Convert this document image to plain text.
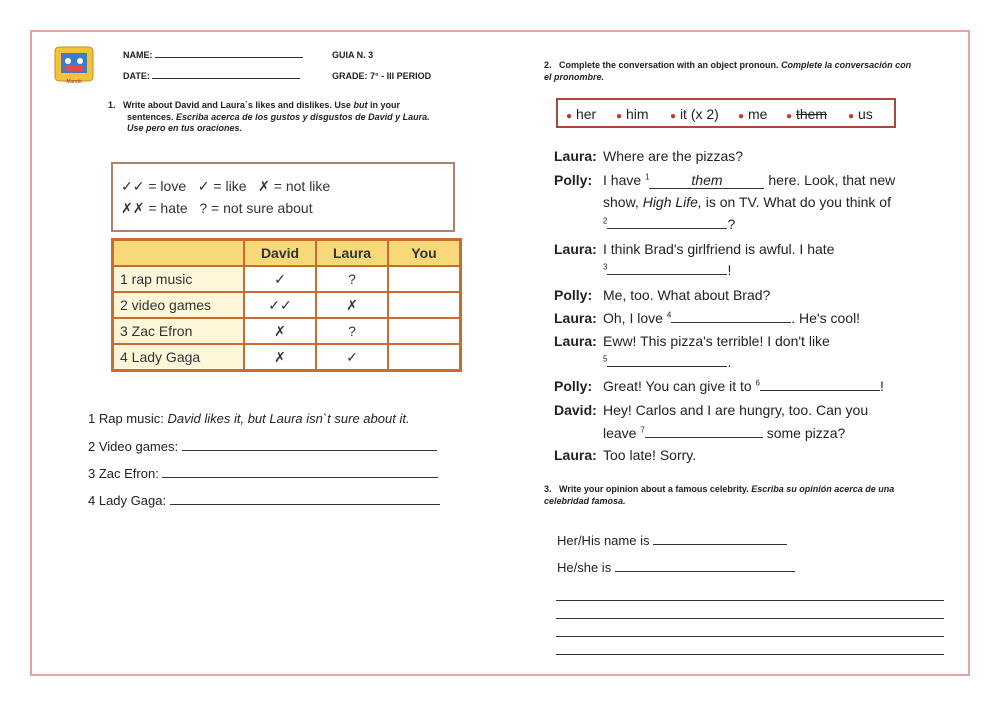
Mundo
NAME:
DATE:
GUIA N. 3
GRADE: 7° - III PERIOD
1. Write about David and Laura`s likes and dislikes. Use but in your
sentences. Escriba acerca de los gustos y disgustos de David y Laura.
Use pero en tus oraciones.
✓✓ = love ✓ = like ✗ = not like
✗✗ = hate ? = not sure about
	David	Laura	You
1 rap music	✓	?	
2 video games	✓✓	✗	
3 Zac Efron	✗	?	
4 Lady Gaga	✗	✓	
1 Rap music: David likes it, but Laura isn`t sure about it.
2 Video games:
3 Zac Efron:
4 Lady Gaga:
2. Complete the conversation with an object pronoun. Complete la conversación con el pronombre.
● her ● him ● it (x 2) ● me ● them ● us
Laura: Where are the pizzas?
Polly: I have $^1$	them	here. Look, that new
show, High Life, is on TV. What do you think of
$^2$	?
Laura: I think Brad's girlfriend is awful. I hate
$^3$	!
Polly: Me, too. What about Brad?
Laura: Oh, I love $^4$	. He's cool!
Laura: Eww! This pizza's terrible! I don't like
$^5$	.
Polly: Great! You can give it to $^6$	!
David: Hey! Carlos and I are hungry, too. Can you
leave $^7$	some pizza?
Laura: Too late! Sorry.
3. Write your opinion about a famous celebrity. Escriba su opinión acerca de una celebridad famosa.
Her/His name is
He/she is
